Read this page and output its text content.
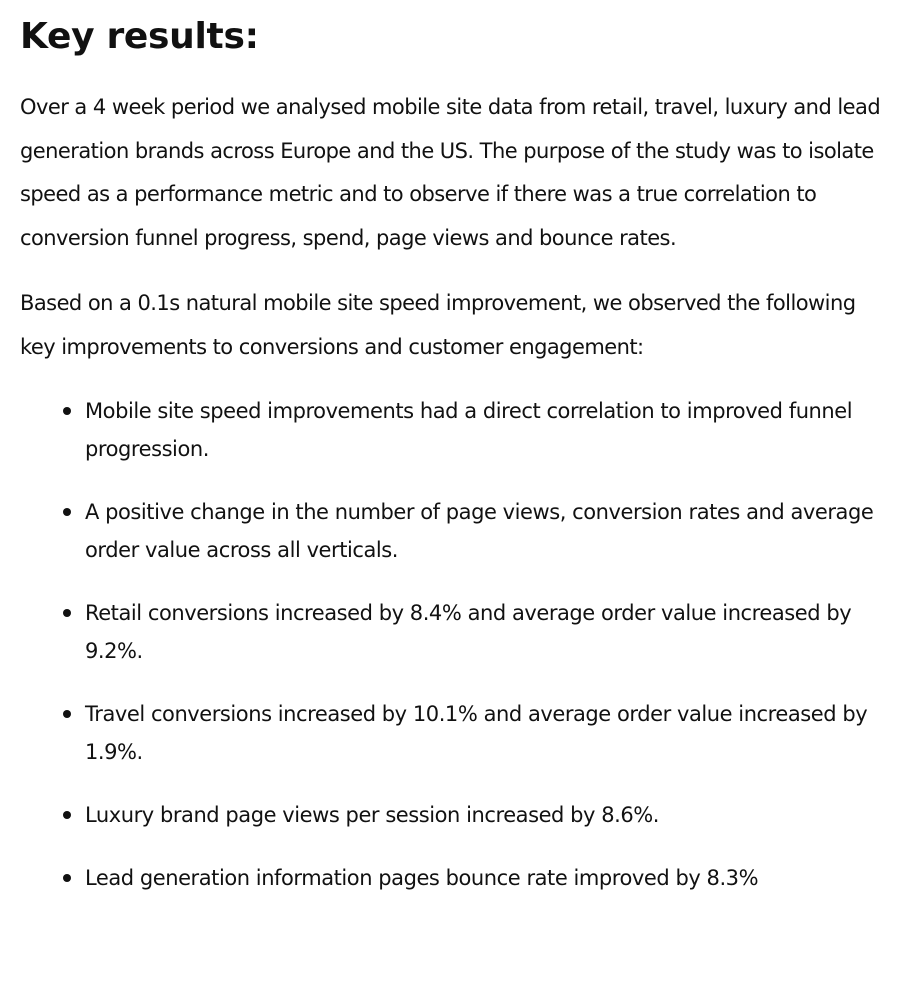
Key results:

Over a 4 week period we analysed mobile site data from retail, travel, luxury and lead generation brands across Europe and the US. The purpose of the study was to isolate speed as a performance metric and to observe if there was a true correlation to conversion funnel progress, spend, page views and bounce rates.

Based on a 0.1s natural mobile site speed improvement, we observed the following key improvements to conversions and customer engagement:

Mobile site speed improvements had a direct correlation to improved funnel progression.
A positive change in the number of page views, conversion rates and average order value across all verticals.
Retail conversions increased by 8.4% and average order value increased by 9.2%.
Travel conversions increased by 10.1% and average order value increased by 1.9%.
Luxury brand page views per session increased by 8.6%.
Lead generation information pages bounce rate improved by 8.3%
